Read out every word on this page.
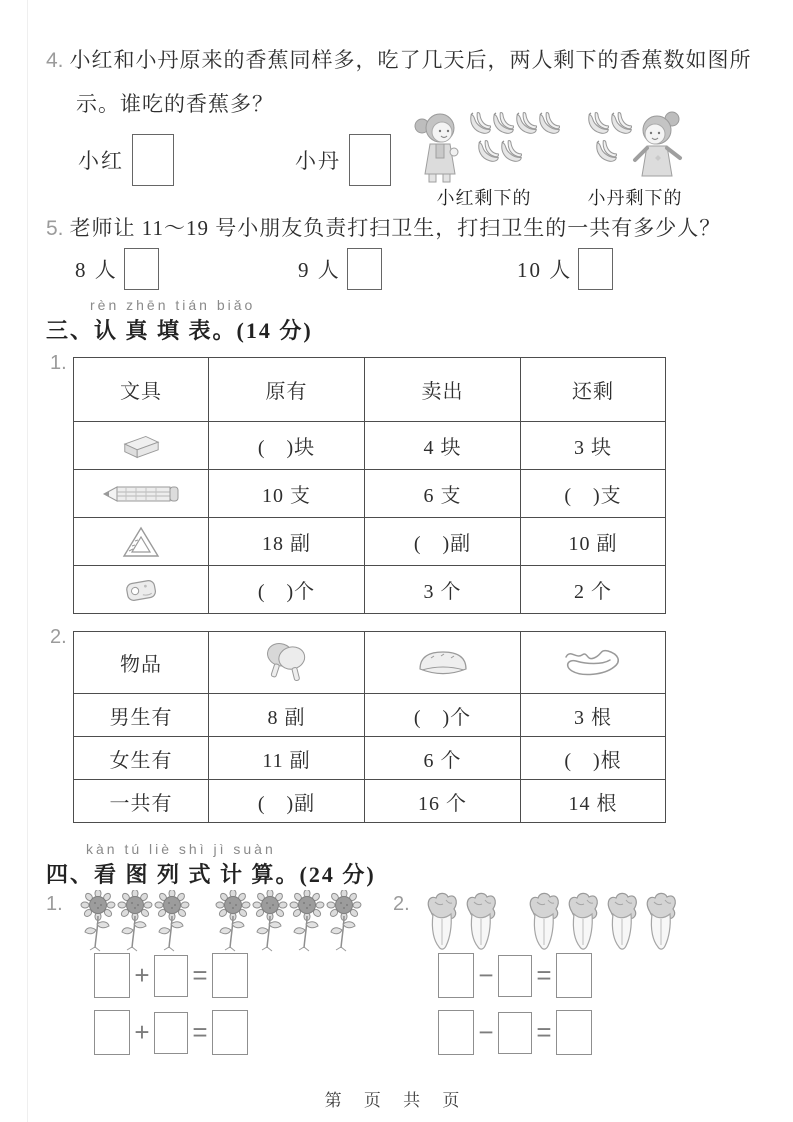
4. 小红和小丹原来的香蕉同样多，吃了几天后，两人剩下的香蕉数如图所
示。谁吃的香蕉多？
小红	小丹
小红剩下的	小丹剩下的
5. 老师让 11～19 号小朋友负责打扫卫生，打扫卫生的一共有多少人？
8 人	9 人	10 人
rèn zhēn tián biǎo
三、认 真 填 表。(14 分)
1.
文具	原有	卖出	还剩
	(　)块	4 块	3 块
	10 支	6 支	(　)支
	18 副	(　)副	10 副
	(　)个	3 个	2 个
2.
物品			
男生有	8 副	(　)个	3 根
女生有	11 副	6 个	(　)根
一共有	(　)副	16 个	14 根
kàn tú liè shì jì suàn
四、看 图 列 式 计 算。(24 分)
1.
+ =
+ =
2.
− =
− =
第 页 共 页
